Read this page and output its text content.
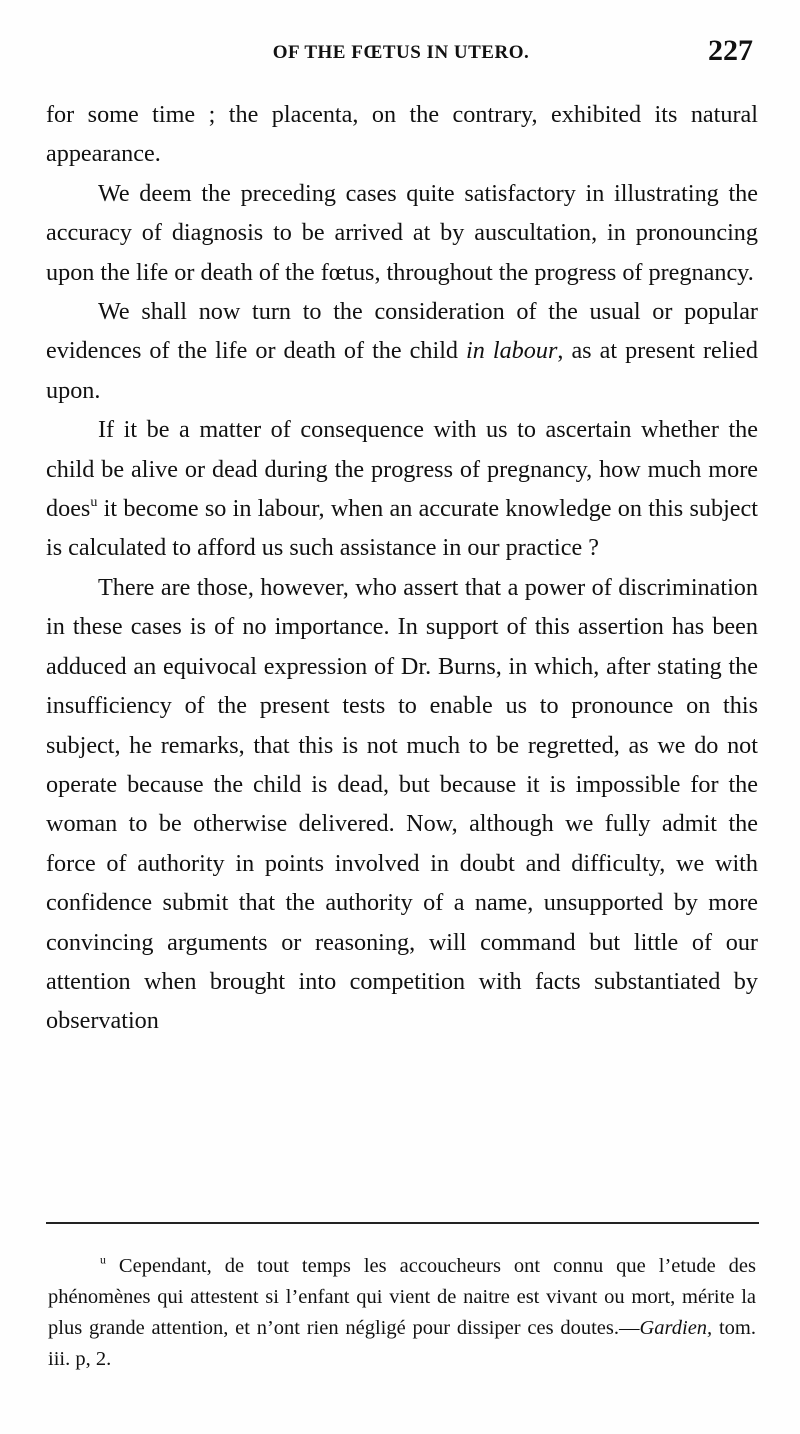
OF THE FŒTUS IN UTERO.	227

for some time ; the placenta, on the contrary, exhibited its natural appearance.

We deem the preceding cases quite satisfactory in illustrating the accuracy of diagnosis to be arrived at by auscultation, in pronouncing upon the life or death of the fœtus, throughout the progress of pregnancy.

We shall now turn to the consideration of the usual or popular evidences of the life or death of the child in labour, as at present relied upon.

If it be a matter of consequence with us to ascertain whether the child be alive or dead during the progress of pregnancy, how much more does$^u$ it become so in labour, when an accurate knowledge on this subject is calculated to afford us such assistance in our practice ?

There are those, however, who assert that a power of discrimination in these cases is of no importance. In support of this assertion has been adduced an equivocal expression of Dr. Burns, in which, after stating the insufficiency of the present tests to enable us to pronounce on this subject, he remarks, that this is not much to be regretted, as we do not operate because the child is dead, but because it is impossible for the woman to be otherwise delivered. Now, although we fully admit the force of authority in points involved in doubt and difficulty, we with confidence submit that the authority of a name, unsupported by more convincing arguments or reasoning, will command but little of our attention when brought into competition with facts substantiated by observation

$^u$ Cependant, de tout temps les accoucheurs ont connu que l’etude des phénomènes qui attestent si l’enfant qui vient de naitre est vivant ou mort, mérite la plus grande attention, et n’ont rien négligé pour dissiper ces doutes.—Gardien, tom. iii. p, 2.
